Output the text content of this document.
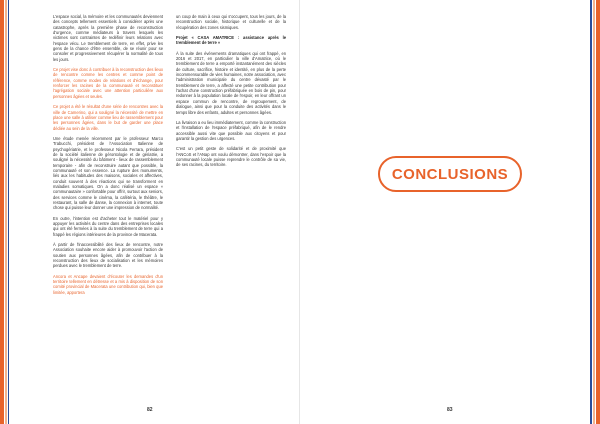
L'espace social, la mémoire et les communautés deviennent des concepts tellement essentiels à considérer après une catastrophe, après la première phase de reconstruction d'urgence, comme médiateurs à travers lesquels les victimes sont contraintes de redéfinir leurs relations avec l'espace vécu. Le tremblement de terre, en effet, prive les gens de la chance d'être ensemble, de se réunir pour se consoler et progressivement récupérer la normalité de tous les jours.

Ce projet vise donc à contribuer à la reconstruction des lieux de rencontre comme les centres et comme point de référence, comme modes de relations et d'échange, pour renforcer les racines de la communauté et reconstituer l'agrégation sociale avec une attention particulière aux personnes âgées et seules.

Ce projet a été le résultat d'une série de rencontres avec la ville de Camerino, qui a souligné la nécessité de mettre en place une salle à utiliser comme lieu de rassemblement pour les personnes âgées, dans le but de garder une place dédiée au sein de la ville.

Une étude menée récemment par le professeur Marco Trabucchi, président de l'Association Italienne de psychogériatrie, et le professeur Nicola Ferrara, président de la société italienne de gérontologie et de gériatrie, a souligné la nécessité du bâtiment - lieux de rassemblement temporaire - afin de reconstruire autant que possible, la communauté et son essence. La rupture des monuments, liés aux les habitudes des maisons, sociales et affectives, conduit souvent à des réactions qui se transforment en maladies somatiques. On a donc réalisé un espace « communautaire » confortable pour offrir, surtout aux seniors, des services comme le cinéma, la cafétéria, le théâtre, le restaurant, la salle de danse, la connexion à internet, toute chose qui puisse leur donner une impression de normalité.

En outre, l'intention est d'acheter tout le matériel pour y appuyer les activités du centre dans des entreprises locales qui ont été fermées à la suite du tremblement de terre qui a frappé les régions intérieures de la province de Macerata.

À partir de l'inaccessibilité des lieux de rencontre, notre Association souhaite encore aider à promouvoir l'action de soutien aux personnes âgées, afin de contribuer à la reconstruction des lieux de socialisation et les mémoires perdues avec le tremblement de terre.

Ancora et Ancape devaient d'écouter les demandes d'un territoire tellement en détresse et a mis à disposition de son comité provincial de Macerata une contribution qui, bien que limitée, apportera

un coup de main à ceux qui s'occupent, tous les jours, de la reconstruction sociale, historique et culturelle et de la récupération des zones sismiques.

Projet « CASA AMATRICE : assistance après le tremblement de terre »

À la suite des événements dramatiques qui ont frappé, en 2016 et 2017, en particulier la ville d'Amatrice, où le tremblement de terre a emporté instantanément des siècles de culture, sacrifice, histoire et identité, en plus de la perte incommensurable de vies humaines, notre association, avec l'administration municipale du centre dévasté par le tremblement de terre, a affecté une petite contribution pour l'achat d'une construction préfabriquée en bois de pin, pour redonner à la population locale de l'espoir, en leur offrant un espace commun de rencontre, de regroupement, de dialogue, ainsi que pour la conduite des activités dans le temps libre des enfants, adultes et personnes âgées.

La livraison a eu lieu immédiatement, comme la construction et l'installation de l'espace préfabriqué, afin de le rendre accessible aussi vite que possible aux citoyens et pour garantir la gestion des urgences.

C'est un petit geste de solidarité et de proximité que l'ANCoS et l'ANap ont voulu démontrer, dans l'espoir que la communauté locale puisse reprendre le contrôle de sa vie, de ses racines, du territoire.

82
CONCLUSIONS
83
